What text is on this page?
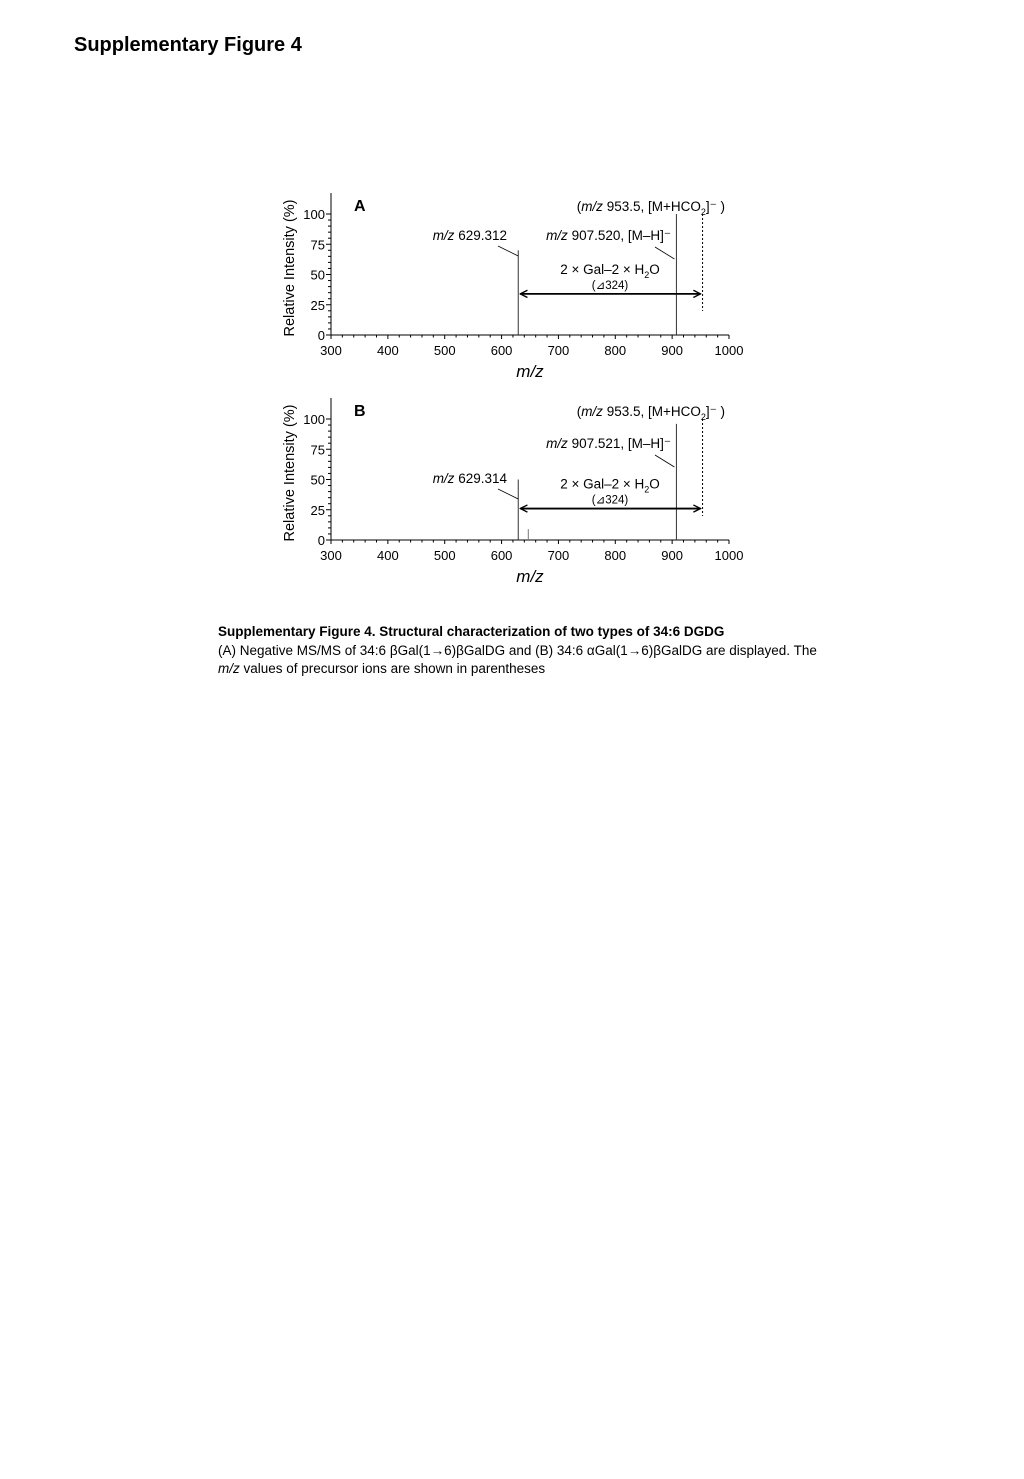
Supplementary Figure 4
300	400	500	600	700	800	900 1000
0
25
50
75
100
m/z
Relative Intensity (%)	A	(m/z 953.5, $[M+HCO_2]^-$ )
m/z 629.312	m/z 907.520, [M–H]⁻
$2 \times Gal-2 \times H_2O$
(⊿324)
300	400	500	600	700	800	900 1000
0
25
50
75
100
m/z
Relative Intensity (%)	B	(m/z 953.5, $[M+HCO_2]^-$ )
m/z 629.314
m/z 907.521, [M–H]⁻
$2 \times Gal-2 \times H_2O$
(⊿324)

Supplementary Figure 4. Structural characterization of two types of 34:6 DGDG

(A) Negative MS/MS of 34:6 βGal(1→6)βGalDG and (B) 34:6 αGal(1→6)βGalDG are displayed. The m/z values of precursor ions are shown in parentheses
